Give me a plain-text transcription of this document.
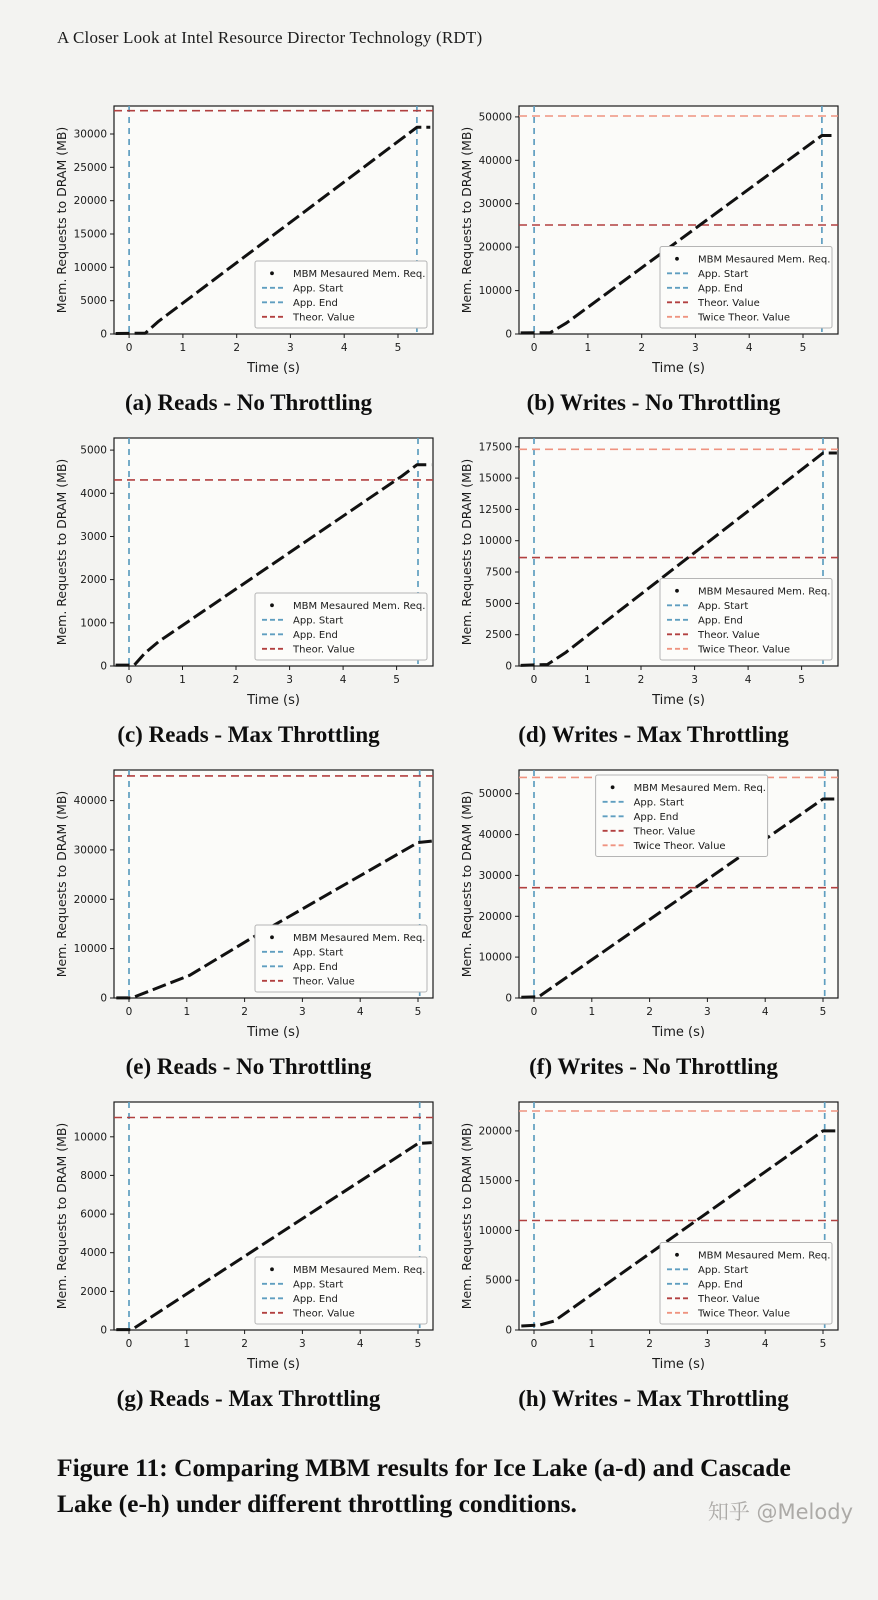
A Closer Look at Intel Resource Director Technology (RDT)
0
5000
10000
15000
20000
25000
30000
0	1	2	3	4	5
Mem. Requests to DRAM (MB)
Time (s)
MBM Mesaured Mem. Req.
App. Start
App. End
Theor. Value
0
10000
20000
30000
40000
50000
0	1	2	3	4	5
Mem. Requests to DRAM (MB)
Time (s)
MBM Mesaured Mem. Req.
App. Start
App. End
Theor. Value
Twice Theor. Value
(a) Reads - No Throttling	(b) Writes - No Throttling
0
1000
2000
3000
4000
5000
0	1	2	3	4	5
Mem. Requests to DRAM (MB)
Time (s)
MBM Mesaured Mem. Req.
App. Start
App. End
Theor. Value
0
2500
5000
7500
10000
12500
15000
17500
0	1	2	3	4	5
Mem. Requests to DRAM (MB)
Time (s)
MBM Mesaured Mem. Req.
App. Start
App. End
Theor. Value
Twice Theor. Value
(c) Reads - Max Throttling	(d) Writes - Max Throttling
0
10000
20000
30000
40000
0	1	2	3	4	5
Mem. Requests to DRAM (MB)
Time (s)
MBM Mesaured Mem. Req.
App. Start
App. End
Theor. Value
0
10000
20000
30000
40000
50000
0	1	2	3	4	5
Mem. Requests to DRAM (MB)
Time (s)
MBM Mesaured Mem. Req.
App. Start
App. End
Theor. Value
Twice Theor. Value
(e) Reads - No Throttling	(f) Writes - No Throttling
0
2000
4000
6000
8000
10000
0	1	2	3	4	5
Mem. Requests to DRAM (MB)
Time (s)
MBM Mesaured Mem. Req.
App. Start
App. End
Theor. Value
0
5000
10000
15000
20000
0	1	2	3	4	5
Mem. Requests to DRAM (MB)
Time (s)
MBM Mesaured Mem. Req.
App. Start
App. End
Theor. Value
Twice Theor. Value
(g) Reads - Max Throttling	(h) Writes - Max Throttling
Figure 11: Comparing MBM results for Ice Lake (a-d) and Cascade Lake (e-h) under different throttling conditions.	知乎 @Melody
